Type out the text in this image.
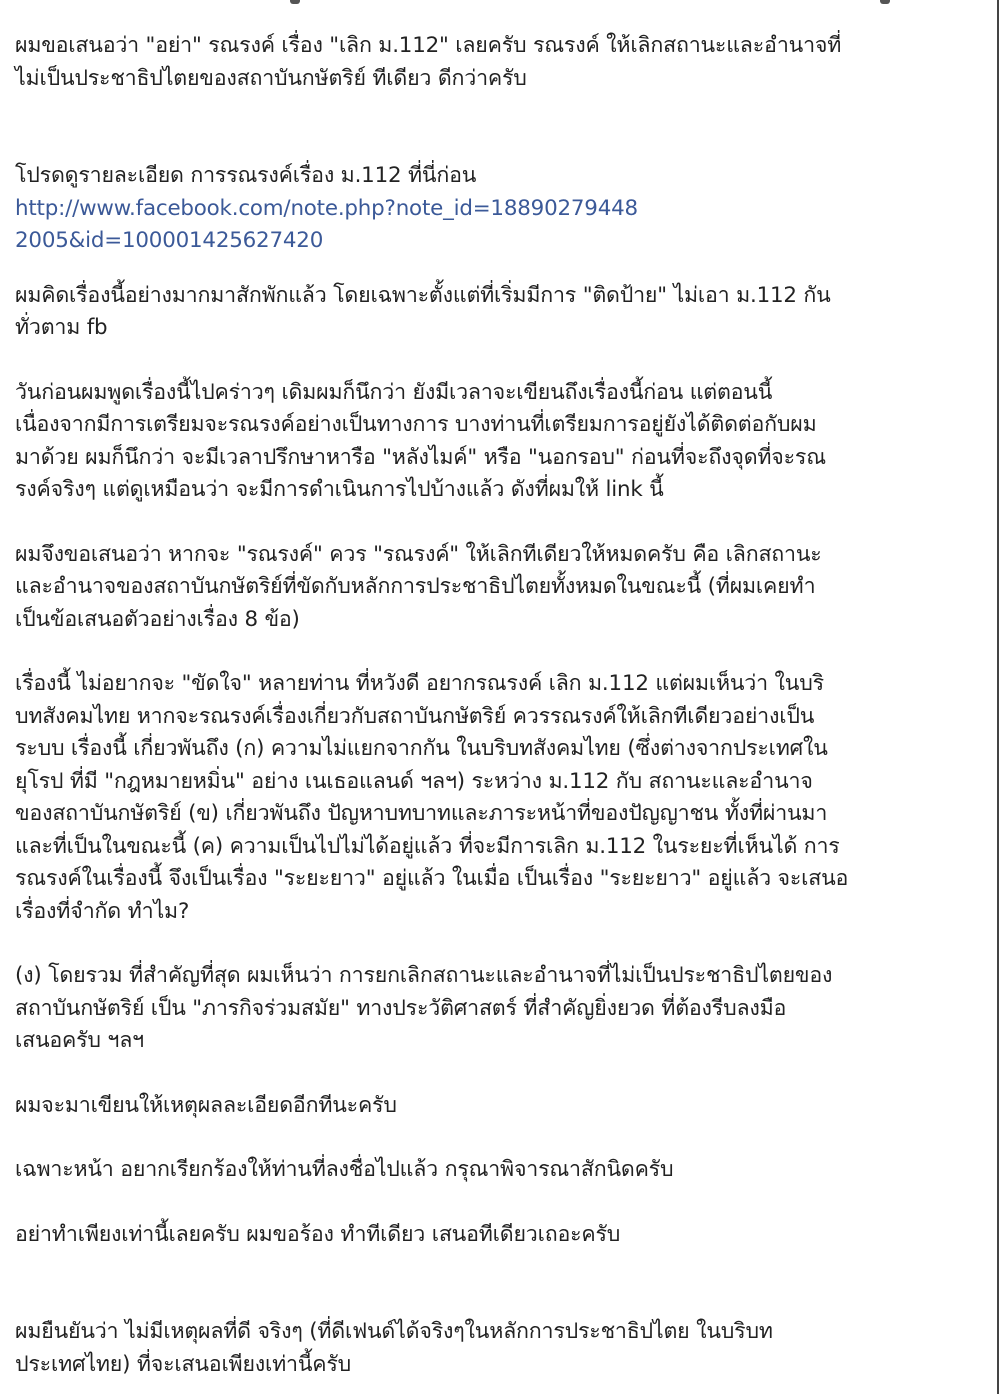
ผมขอเสนอว่า "อย่า" รณรงค์ เรื่อง "เลิก ม.112" เลยครับ รณรงค์ ให้เลิกสถานะและอำนาจที่
ไม่เป็นประชาธิปไตยของสถาบันกษัตริย์ ทีเดียว ดีกว่าครับ
โปรดดูรายละเอียด การรณรงค์เรื่อง ม.112 ที่นี่ก่อน
http://www.facebook.com/note.php?note_id=18890279448
2005&id=100001425627420
ผมคิดเรื่องนี้อย่างมากมาสักพักแล้ว โดยเฉพาะตั้งแต่ที่เริ่มมีการ "ติดป้าย" ไม่เอา ม.112 กัน
ทั่วตาม fb
วันก่อนผมพูดเรื่องนี้ไปคร่าวๆ เดิมผมก็นึกว่า ยังมีเวลาจะเขียนถึงเรื่องนี้ก่อน แต่ตอนนี้
เนื่องจากมีการเตรียมจะรณรงค์อย่างเป็นทางการ บางท่านที่เตรียมการอยู่ยังได้ติดต่อกับผม
มาด้วย ผมก็นึกว่า จะมีเวลาปรึกษาหารือ "หลังไมค์" หรือ "นอกรอบ" ก่อนที่จะถึงจุดที่จะรณ
รงค์จริงๆ แต่ดูเหมือนว่า จะมีการดำเนินการไปบ้างแล้ว ดังที่ผมให้ link นี้
ผมจึงขอเสนอว่า หากจะ "รณรงค์" ควร "รณรงค์" ให้เลิกทีเดียวให้หมดครับ คือ เลิกสถานะ
และอำนาจของสถาบันกษัตริย์ที่ขัดกับหลักการประชาธิปไตยทั้งหมดในขณะนี้ (ที่ผมเคยทำ
เป็นข้อเสนอตัวอย่างเรื่อง 8 ข้อ)
เรื่องนี้ ไม่อยากจะ "ขัดใจ" หลายท่าน ที่หวังดี อยากรณรงค์ เลิก ม.112 แต่ผมเห็นว่า ในบริ
บทสังคมไทย หากจะรณรงค์เรื่องเกี่ยวกับสถาบันกษัตริย์ ควรรณรงค์ให้เลิกทีเดียวอย่างเป็น
ระบบ เรื่องนี้ เกี่ยวพันถึง (ก) ความไม่แยกจากกัน ในบริบทสังคมไทย (ซึ่งต่างจากประเทศใน
ยุโรป ที่มี "กฎหมายหมิ่น" อย่าง เนเธอแลนด์ ฯลฯ) ระหว่าง ม.112 กับ สถานะและอำนาจ
ของสถาบันกษัตริย์ (ข) เกี่ยวพันถึง ปัญหาบทบาทและภาระหน้าที่ของปัญญาชน ทั้งที่ผ่านมา
และที่เป็นในขณะนี้ (ค) ความเป็นไปไม่ได้อยู่แล้ว ที่จะมีการเลิก ม.112 ในระยะที่เห็นได้ การ
รณรงค์ในเรื่องนี้ จึงเป็นเรื่อง "ระยะยาว" อยู่แล้ว ในเมื่อ เป็นเรื่อง "ระยะยาว" อยู่แล้ว จะเสนอ
เรื่องที่จำกัด ทำไม?
(ง) โดยรวม ที่สำคัญที่สุด ผมเห็นว่า การยกเลิกสถานะและอำนาจที่ไม่เป็นประชาธิปไตยของ
สถาบันกษัตริย์ เป็น "ภารกิจร่วมสมัย" ทางประวัติศาสตร์ ที่สำคัญยิ่งยวด ที่ต้องรีบลงมือ
เสนอครับ ฯลฯ
ผมจะมาเขียนให้เหตุผลละเอียดอีกทีนะครับ
เฉพาะหน้า อยากเรียกร้องให้ท่านที่ลงชื่อไปแล้ว กรุณาพิจารณาสักนิดครับ
อย่าทำเพียงเท่านี้เลยครับ ผมขอร้อง ทำทีเดียว เสนอทีเดียวเถอะครับ
ผมยืนยันว่า ไม่มีเหตุผลที่ดี จริงๆ (ที่ดีเฟนด์ได้จริงๆในหลักการประชาธิปไตย ในบริบท
ประเทศไทย) ที่จะเสนอเพียงเท่านี้ครับ
